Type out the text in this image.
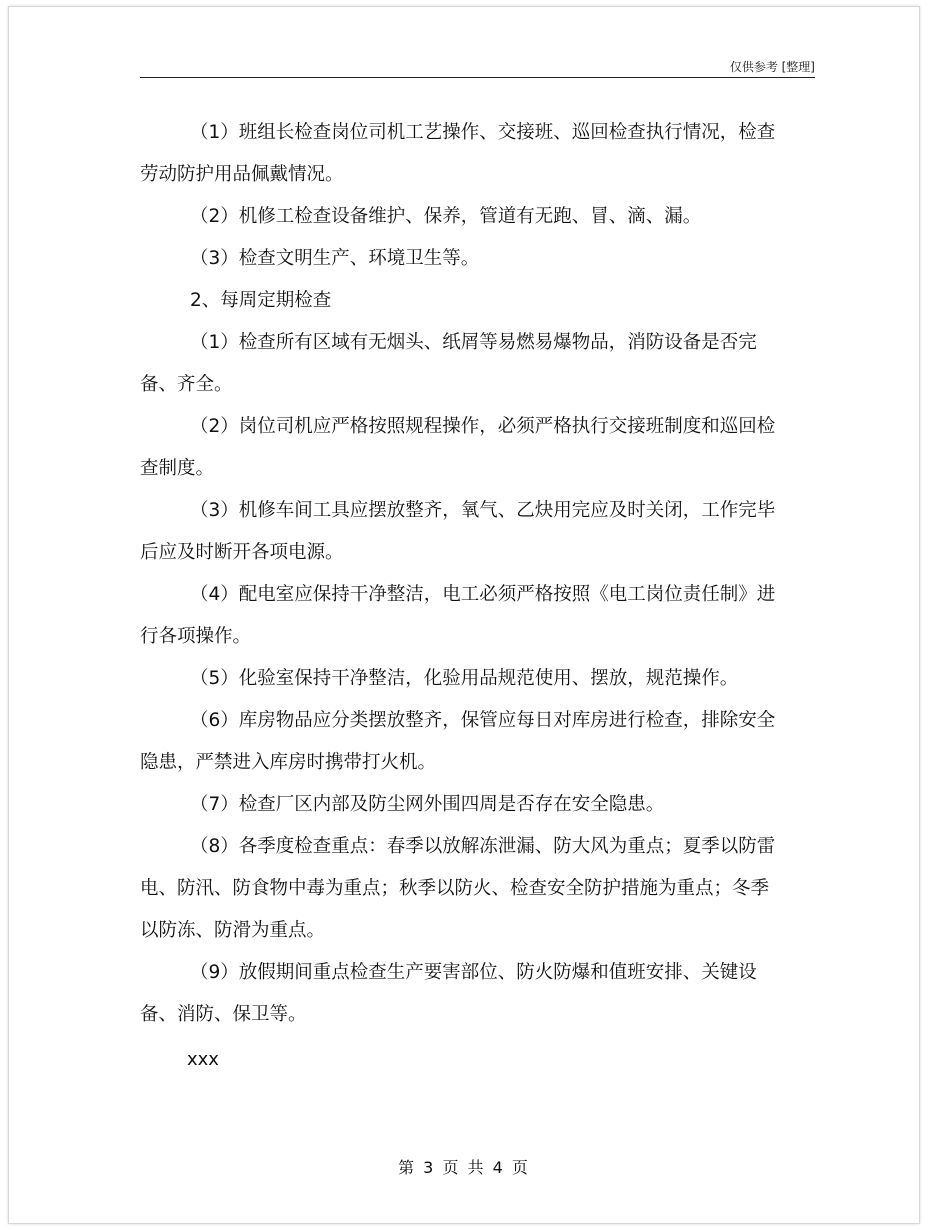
仅供参考 [整理]

（1）班组长检查岗位司机工艺操作、交接班、巡回检查执行情况，检查劳动防护用品佩戴情况。

（2）机修工检查设备维护、保养，管道有无跑、冒、滴、漏。

（3）检查文明生产、环境卫生等。

2、每周定期检查

（1）检查所有区域有无烟头、纸屑等易燃易爆物品，消防设备是否完备、齐全。

（2）岗位司机应严格按照规程操作，必须严格执行交接班制度和巡回检查制度。

（3）机修车间工具应摆放整齐，氧气、乙炔用完应及时关闭，工作完毕后应及时断开各项电源。

（4）配电室应保持干净整洁，电工必须严格按照《电工岗位责任制》进行各项操作。

（5）化验室保持干净整洁，化验用品规范使用、摆放，规范操作。

（6）库房物品应分类摆放整齐，保管应每日对库房进行检查，排除安全隐患，严禁进入库房时携带打火机。

（7）检查厂区内部及防尘网外围四周是否存在安全隐患。

（8）各季度检查重点：春季以放解冻泄漏、防大风为重点；夏季以防雷电、防汛、防食物中毒为重点；秋季以防火、检查安全防护措施为重点；冬季以防冻、防滑为重点。

（9）放假期间重点检查生产要害部位、防火防爆和值班安排、关键设备、消防、保卫等。

xxx
第 3 页 共 4 页
